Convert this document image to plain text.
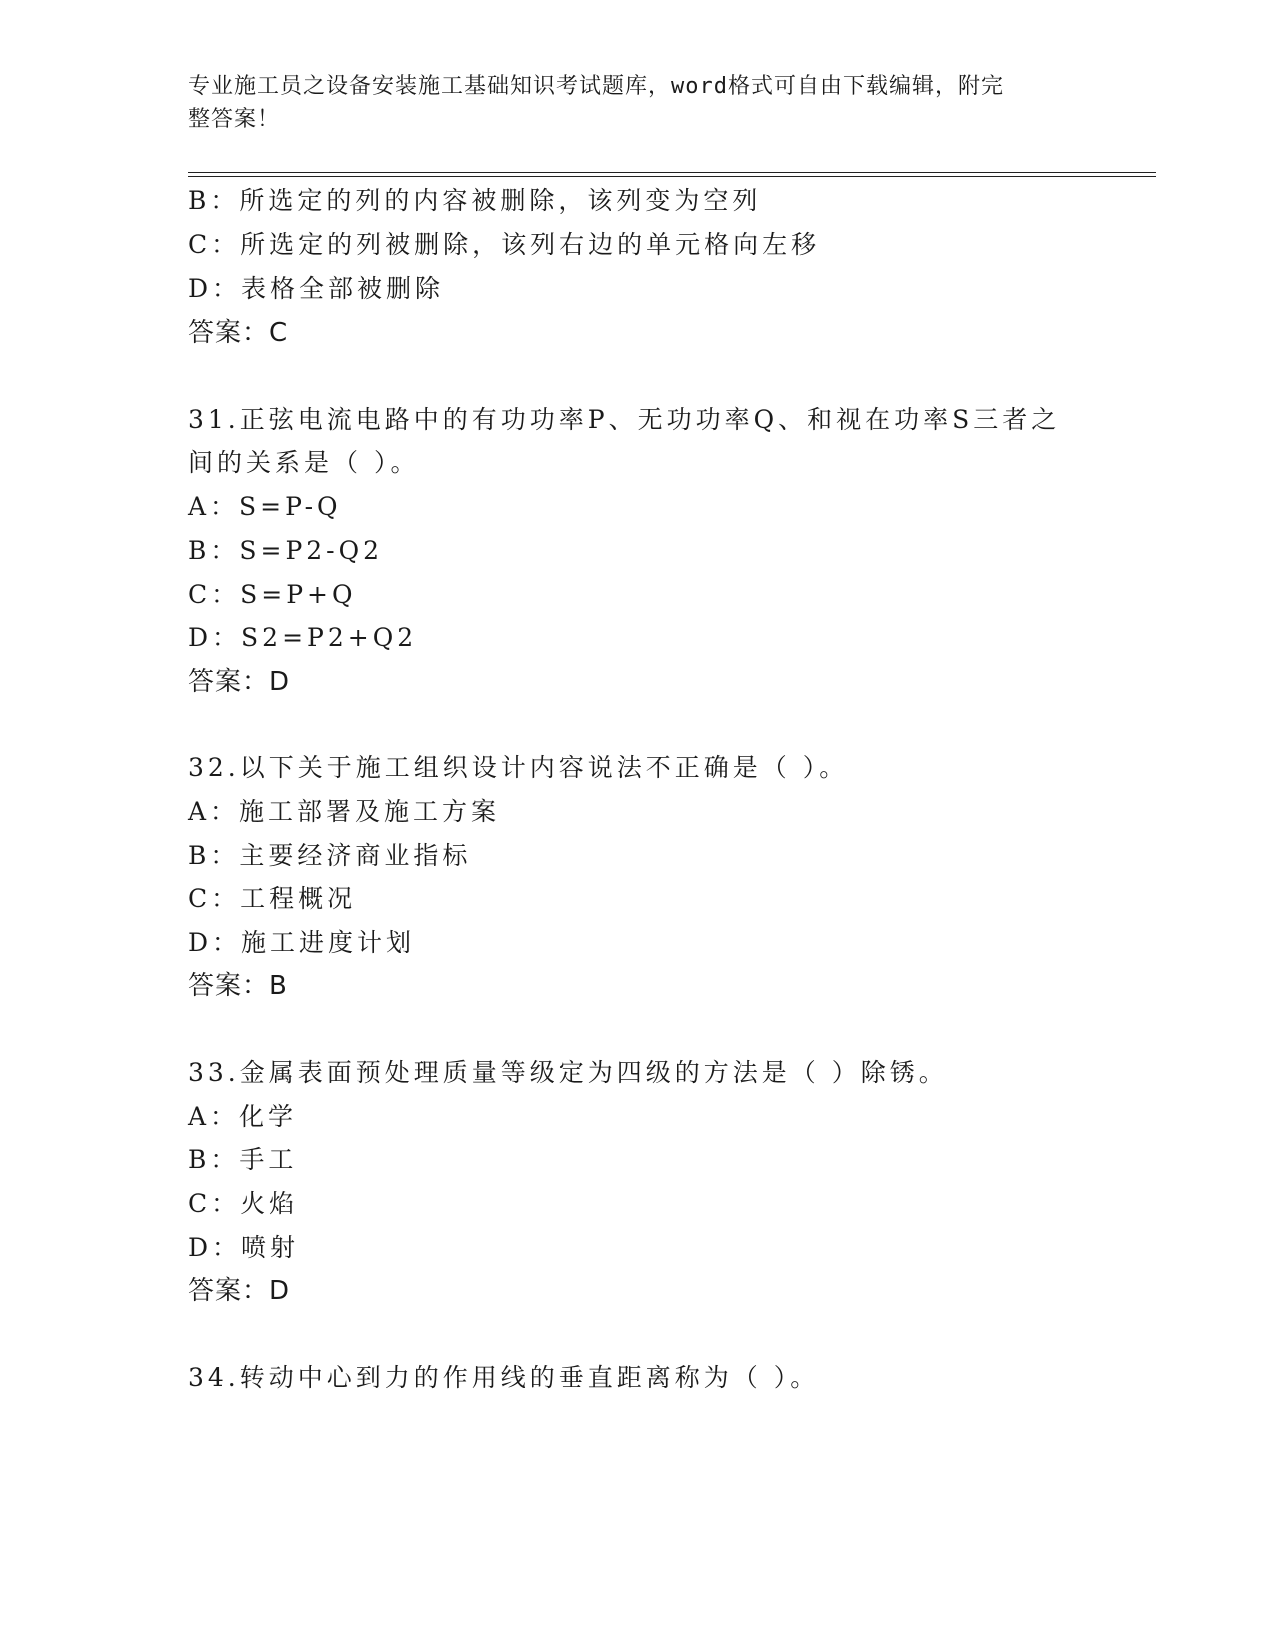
专业施工员之设备安装施工基础知识考试题库，word格式可自由下载编辑，附完
整答案！
B：所选定的列的内容被删除，该列变为空列
C：所选定的列被删除，该列右边的单元格向左移
D：表格全部被删除
答案：C
31.正弦电流电路中的有功功率P、无功功率Q、和视在功率S三者之
间的关系是（ ）。
A：S=P-Q
B：S=P2-Q2
C：S=P+Q
D：S2=P2+Q2
答案：D
32.以下关于施工组织设计内容说法不正确是（ ）。
A：施工部署及施工方案
B：主要经济商业指标
C：工程概况
D：施工进度计划
答案：B
33.金属表面预处理质量等级定为四级的方法是（ ）除锈。
A：化学
B：手工
C：火焰
D：喷射
答案：D
34.转动中心到力的作用线的垂直距离称为（ ）。
